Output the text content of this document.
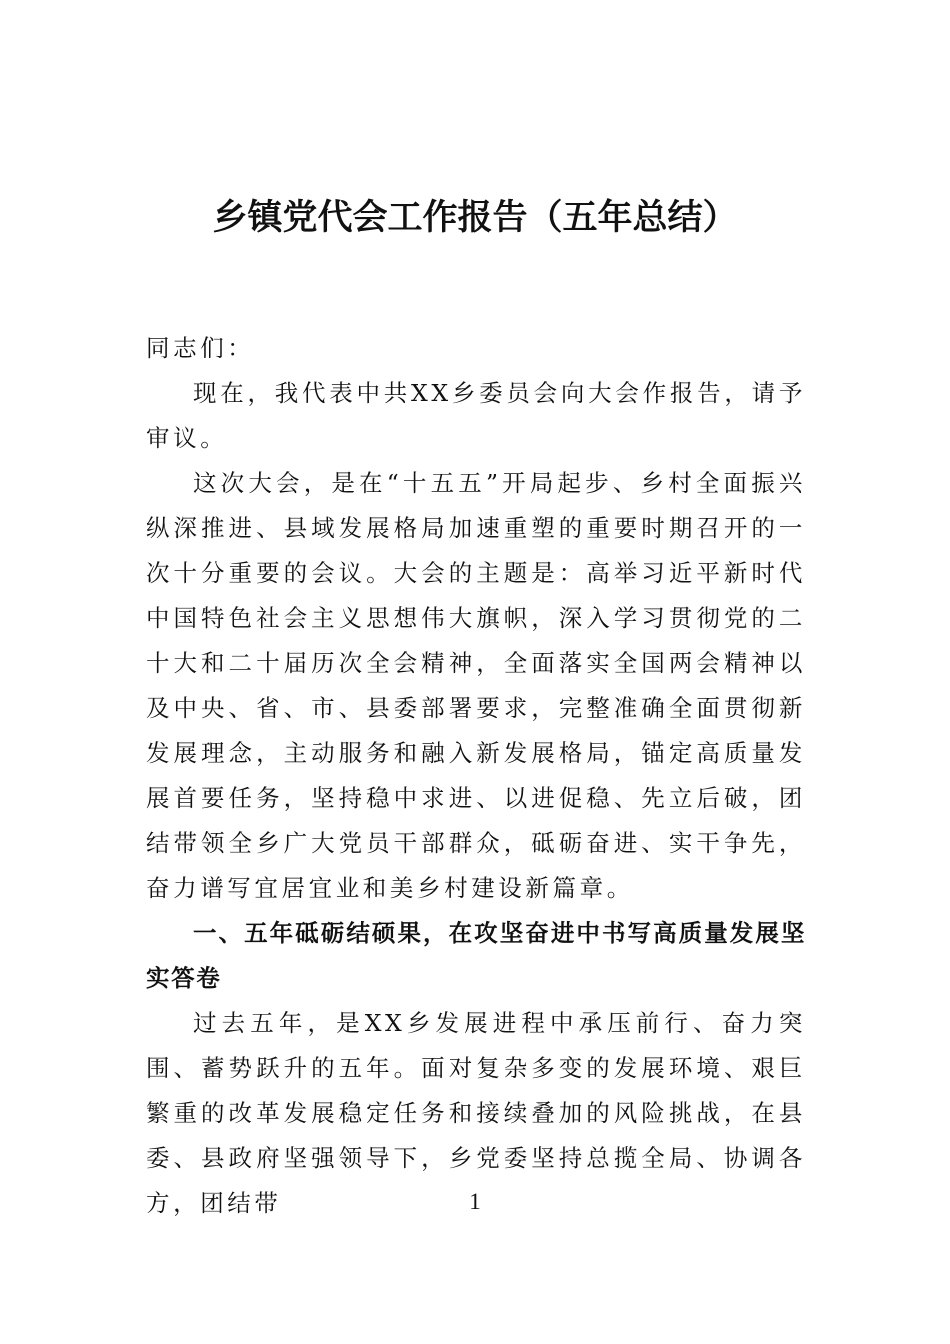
乡镇党代会工作报告（五年总结）

同志们：

现在，我代表中共XX乡委员会向大会作报告，请予审议。

这次大会，是在“十五五”开局起步、乡村全面振兴纵深推进、县域发展格局加速重塑的重要时期召开的一次十分重要的会议。大会的主题是：高举习近平新时代中国特色社会主义思想伟大旗帜，深入学习贯彻党的二十大和二十届历次全会精神，全面落实全国两会精神以及中央、省、市、县委部署要求，完整准确全面贯彻新发展理念，主动服务和融入新发展格局，锚定高质量发展首要任务，坚持稳中求进、以进促稳、先立后破，团结带领全乡广大党员干部群众，砥砺奋进、实干争先，奋力谱写宜居宜业和美乡村建设新篇章。

一、五年砥砺结硕果，在攻坚奋进中书写高质量发展坚实答卷

过去五年，是XX乡发展进程中承压前行、奋力突围、蓄势跃升的五年。面对复杂多变的发展环境、艰巨繁重的改革发展稳定任务和接续叠加的风险挑战，在县委、县政府坚强领导下，乡党委坚持总揽全局、协调各方，团结带	1
